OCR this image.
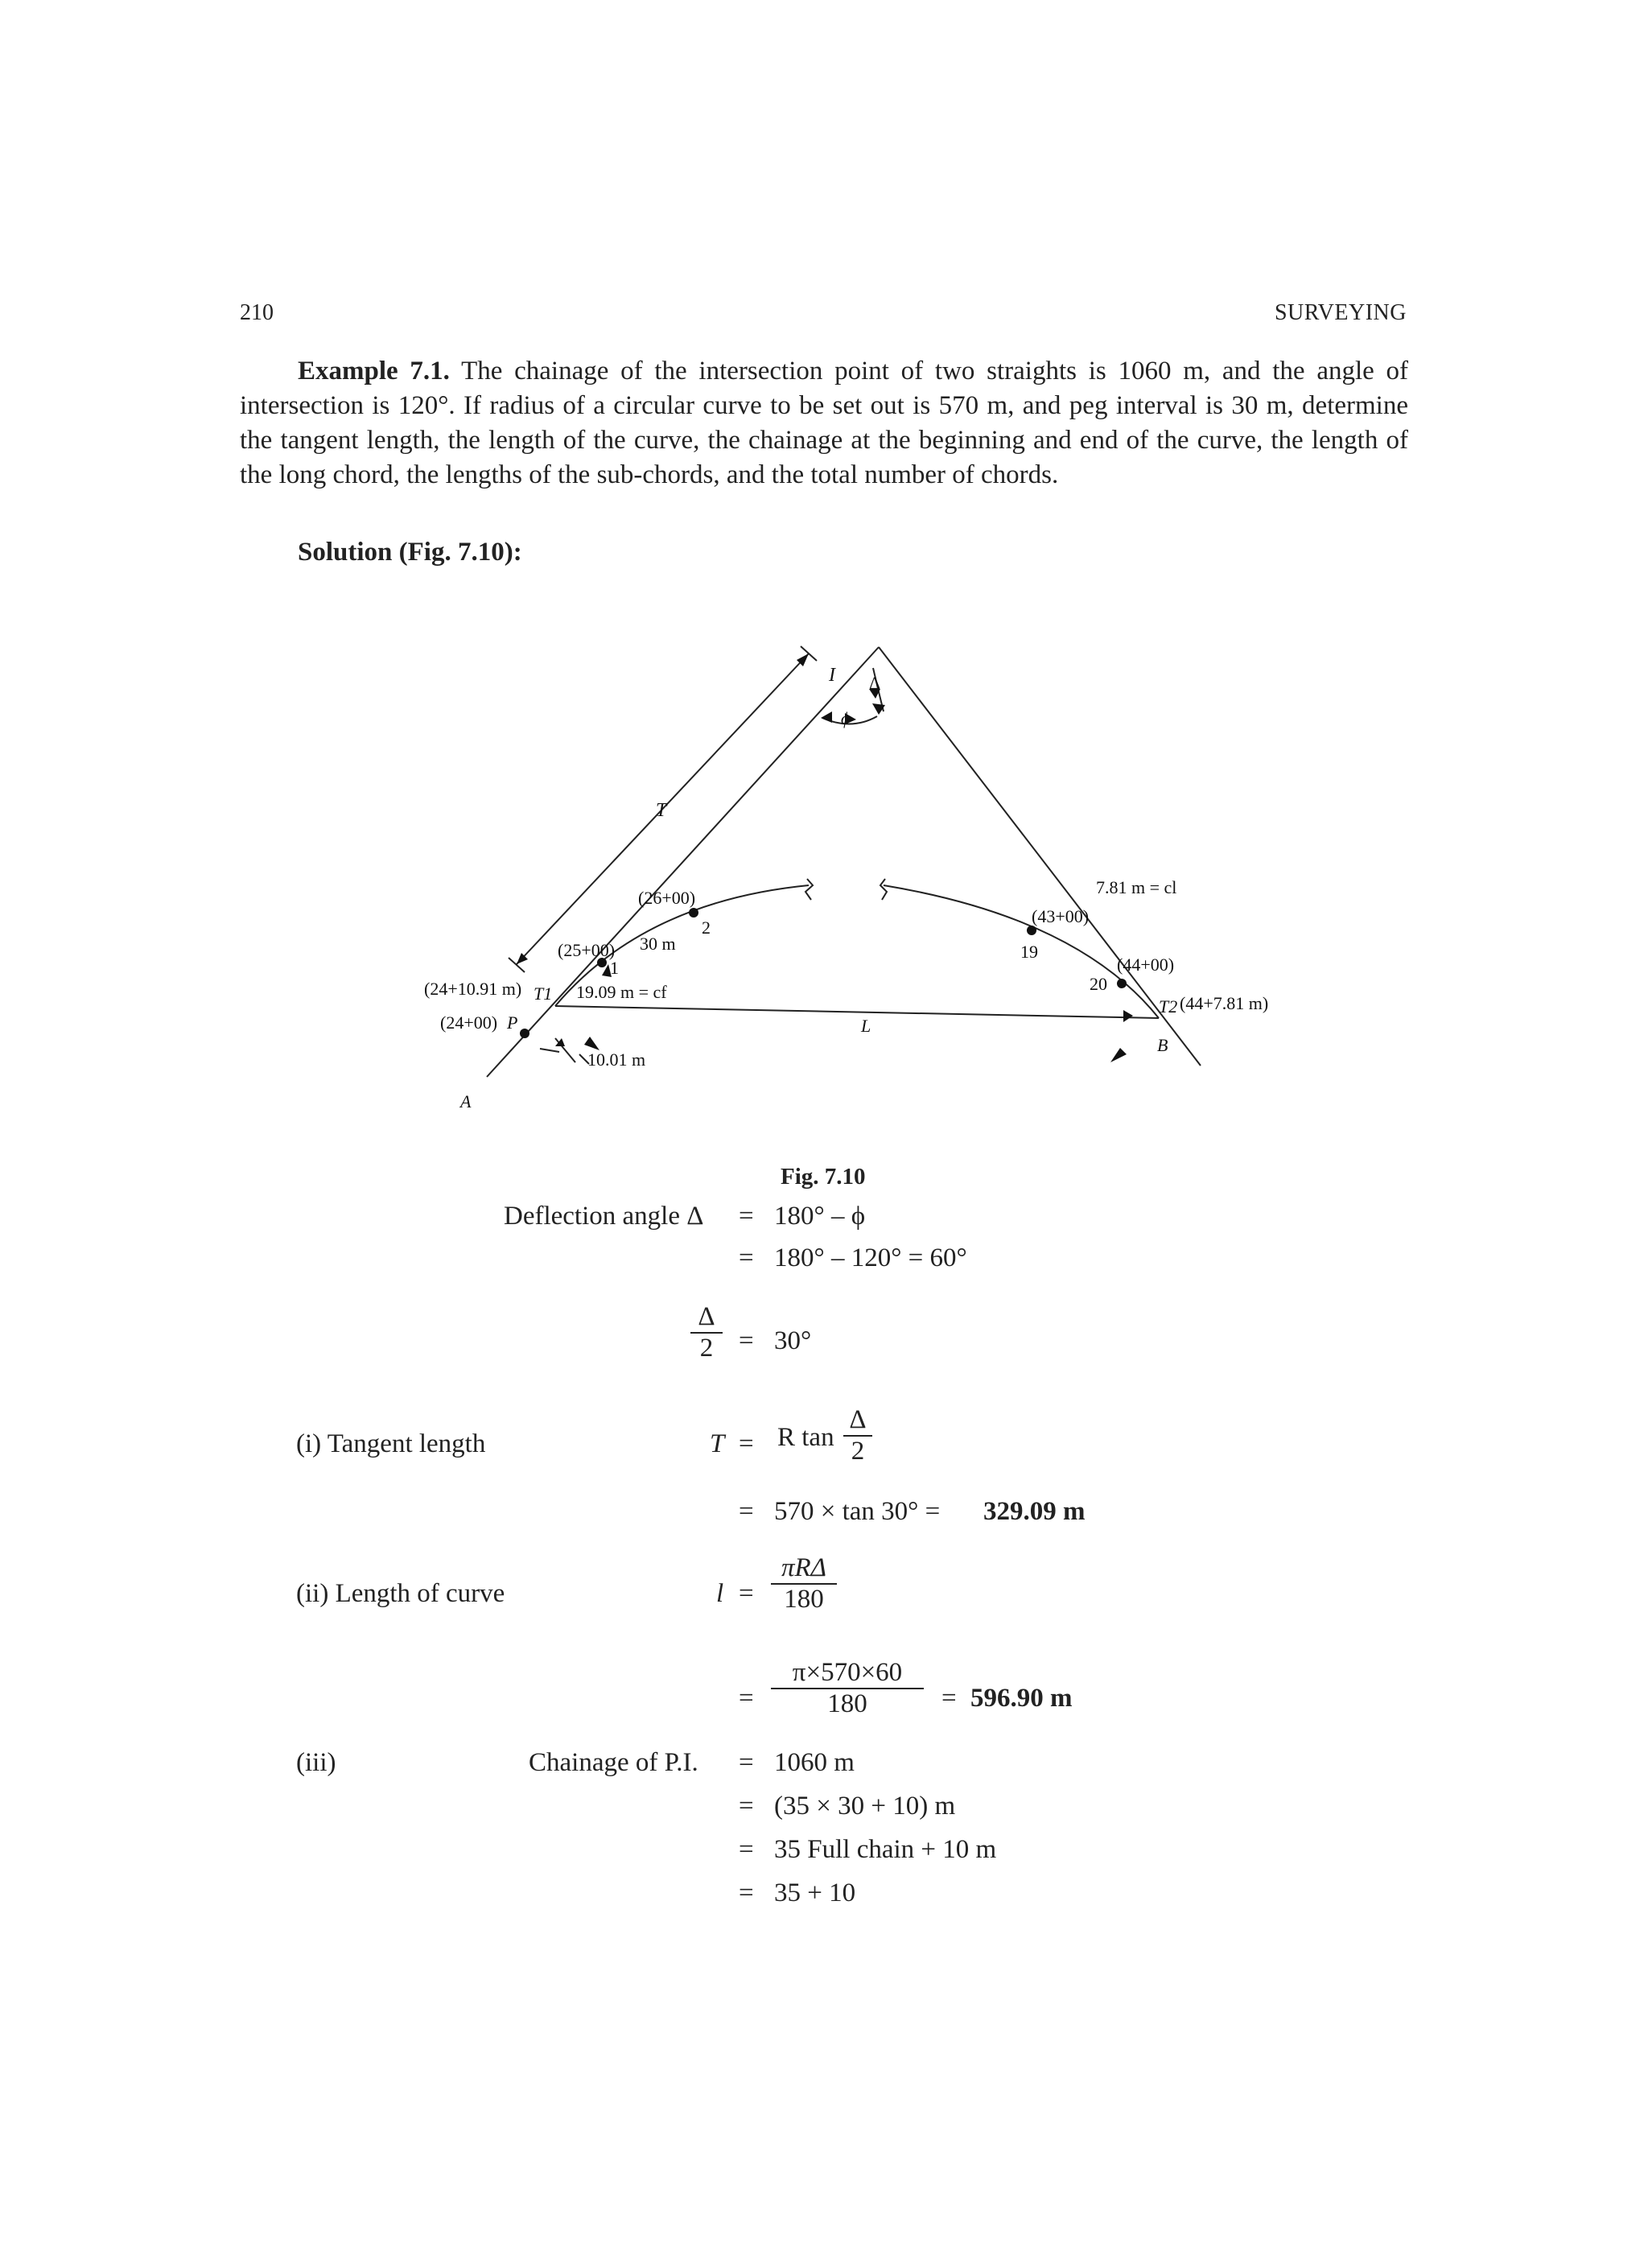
210	SURVEYING
Example 7.1. The chainage of the intersection point of two straights is 1060 m, and the angle of intersection is 120°. If radius of a circular curve to be set out is 570 m, and peg interval is 30 m, determine the tangent length, the length of the curve, the chainage at the beginning and end of the curve, the length of the long chord, the lengths of the sub-chords, and the total number of chords.
Solution (Fig. 7.10):
I Δ
ϕ
T
7.81 m = cl
(26+00)
2
(43+00)
19
(25+00) 30 m
1	(44+00)
20
(24+10.91 m) T1 19.09 m = cf
T2 (44+7.81 m)
(24+00) P	L
B
10.01 m
A
Fig. 7.10
Deflection angle Δ = 180° – ϕ
= 180° – 120° = 60°
$\frac{\Delta}{2} = 30^\circ$
(i) Tangent length	T = R $\tan \frac{\Delta}{2}$
= 570 × tan 30° = 329.09 m
(ii) Length of curve	l =
πRΔ
180
= $\frac{\pi\times 570\times 60}{180} = 596.90$ m
(iii)	Chainage of P.I. = 1060 m
= (35 × 30 + 10) m
= 35 Full chain + 10 m
= 35 + 10
